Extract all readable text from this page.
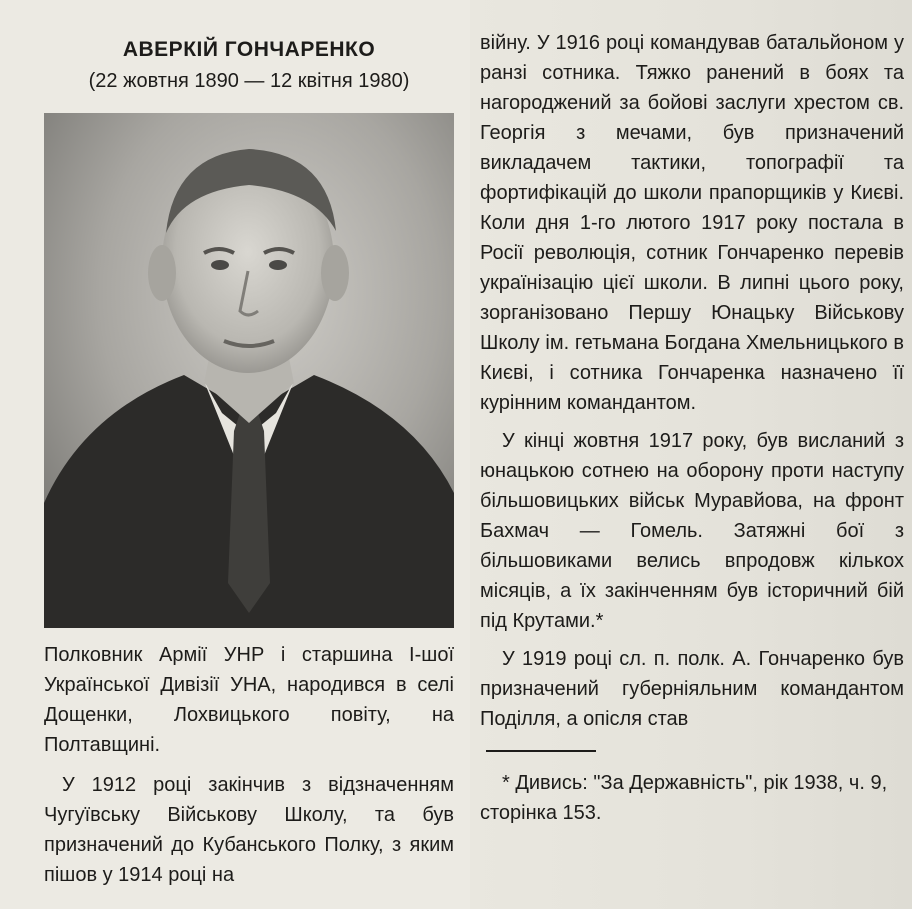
АВЕРКІЙ ГОНЧАРЕНКО
(22 жовтня 1890 — 12 квітня 1980)

Полковник Армії УНР і старшина І-шої Української Дивізії УНА, народився в селі Дощенки, Лохвицького повіту, на Полтавщині.

У 1912 році закінчив з відзначенням Чугуївську Військову Школу, та був призначений до Кубанського Полку, з яким пішов у 1914 році на

війну. У 1916 році командував батальйоном у ранзі сотника. Тяжко ранений в боях та нагороджений за бойові заслуги хрестом св. Георгія з мечами, був призначений викладачем тактики, топографії та фортифікацій до школи прапорщиків у Києві. Коли дня 1-го лютого 1917 року постала в Росії революція, сотник Гончаренко перевів українізацію цієї школи. В липні цього року, зорганізовано Першу Юнацьку Військову Школу ім. гетьмана Богдана Хмельницького в Києві, і сотника Гончаренка назначено її курінним командантом.

У кінці жовтня 1917 року, був висланий з юнацькою сотнею на оборону проти наступу більшовицьких військ Муравйова, на фронт Бахмач — Гомель. Затяжні бої з більшовиками велись впродовж кількох місяців, а їх закінченням був історичний бій під Крутами.*

У 1919 році сл. п. полк. А. Гончаренко був призначений губерніяльним командантом Поділля, а опісля став

* Дивись: "За Державність", рік 1938, ч. 9, сторінка 153.
